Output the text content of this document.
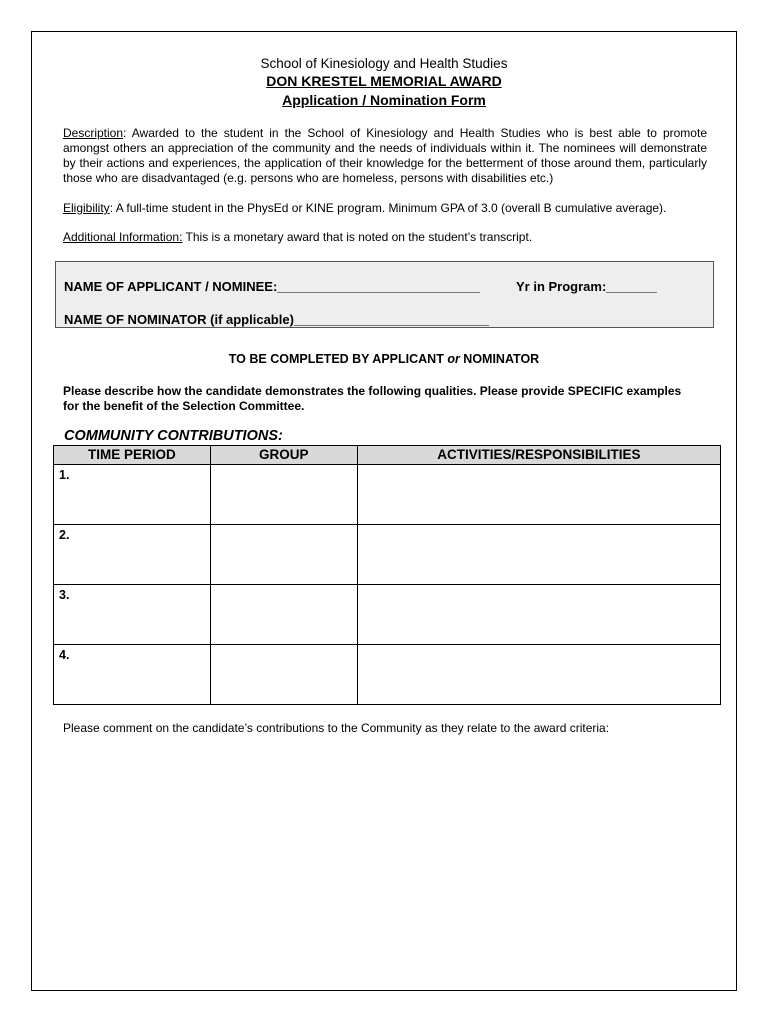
School of Kinesiology and Health Studies
DON KRESTEL MEMORIAL AWARD
Application / Nomination Form
Description: Awarded to the student in the School of Kinesiology and Health Studies who is best able to promote amongst others an appreciation of the community and the needs of individuals within it. The nominees will demonstrate by their actions and experiences, the application of their knowledge for the betterment of those around them, particularly those who are disadvantaged (e.g. persons who are homeless, persons with disabilities etc.)
Eligibility: A full-time student in the PhysEd or KINE program. Minimum GPA of 3.0 (overall B cumulative average).
Additional Information: This is a monetary award that is noted on the student’s transcript.
NAME OF APPLICANT / NOMINEE:____________________________	Yr in Program:_______
NAME OF NOMINATOR (if applicable)___________________________
TO BE COMPLETED BY APPLICANT or NOMINATOR
Please describe how the candidate demonstrates the following qualities. Please provide SPECIFIC examples for the benefit of the Selection Committee.
COMMUNITY CONTRIBUTIONS:
TIME PERIOD	GROUP	ACTIVITIES/RESPONSIBILITIES
1.		
2.		
3.		
4.		
Please comment on the candidate’s contributions to the Community as they relate to the award criteria:
